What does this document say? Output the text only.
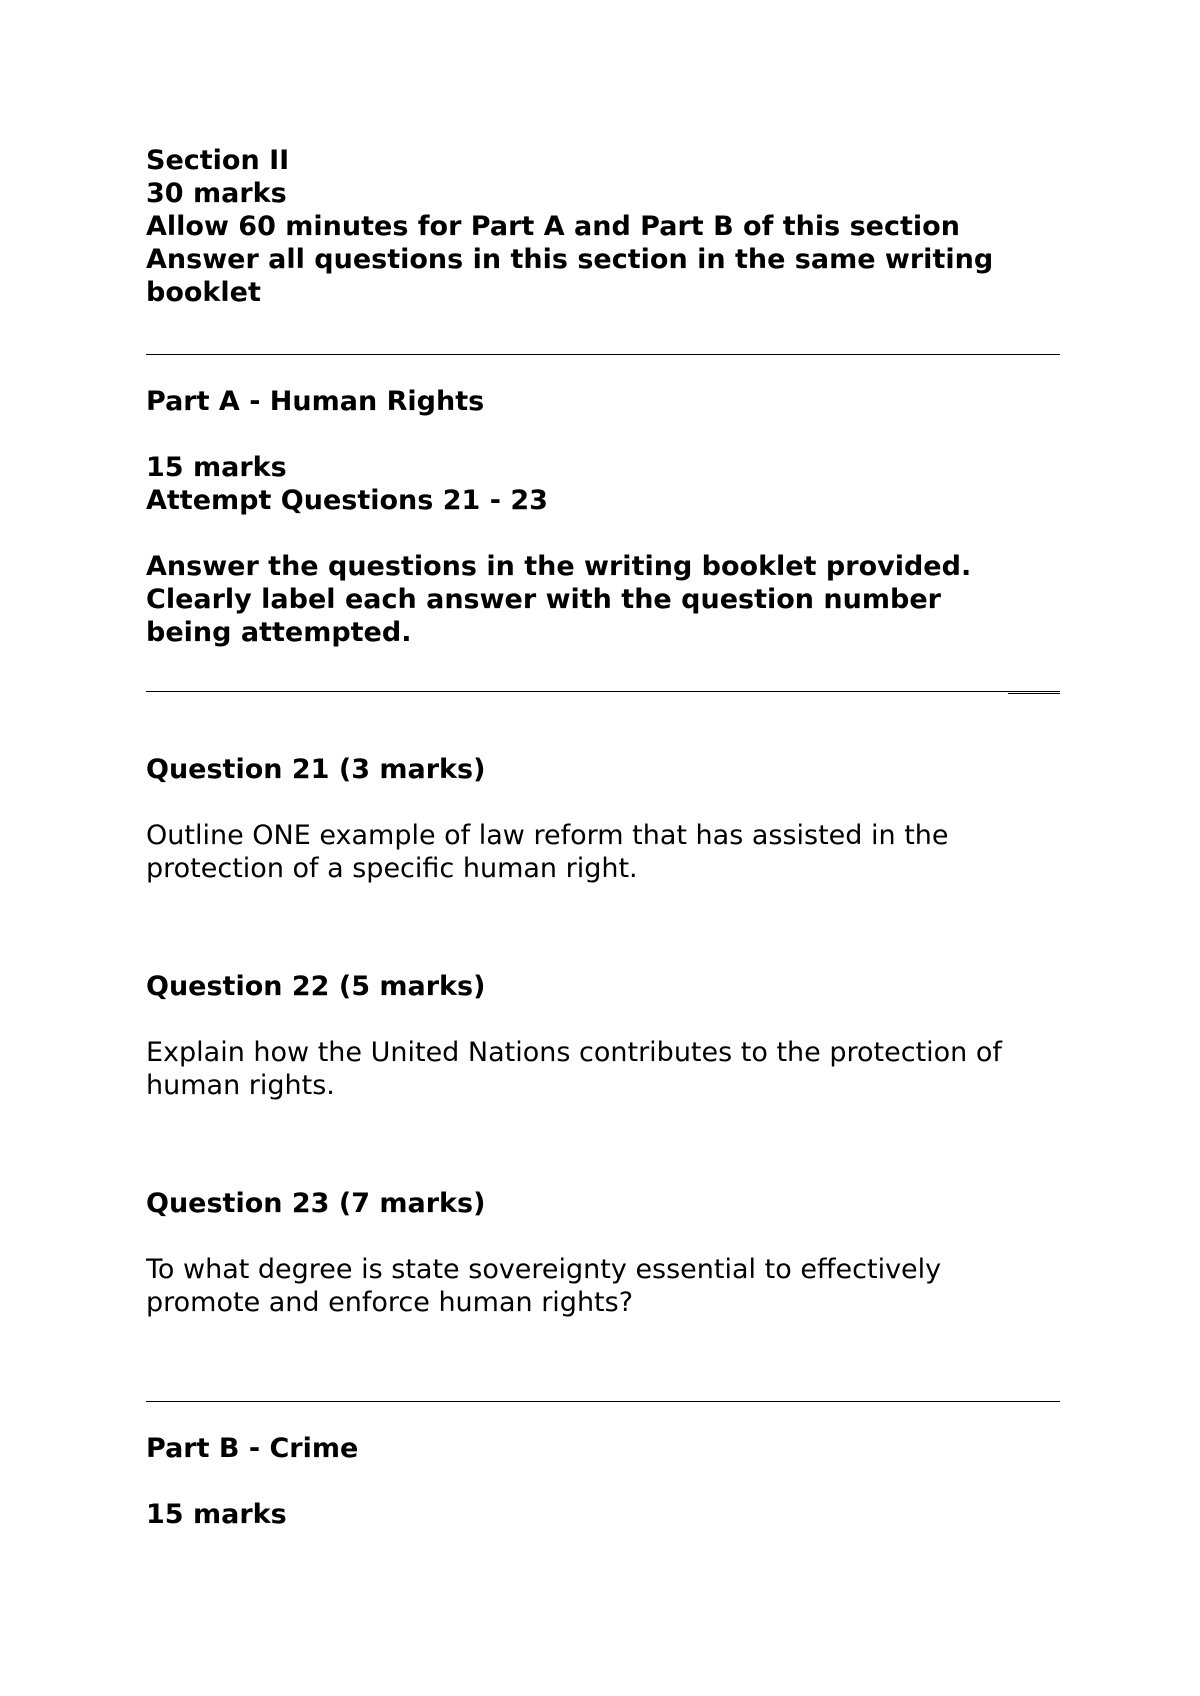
Section II

30 marks

Allow 60 minutes for Part A and Part B of this section

Answer all questions in this section in the same writing

booklet

Part A - Human Rights

15 marks

Attempt Questions 21 - 23

Answer the questions in the writing booklet provided.

Clearly label each answer with the question number

being attempted.

Question 21 (3 marks)

Outline ONE example of law reform that has assisted in the

protection of a specific human right.

Question 22 (5 marks)

Explain how the United Nations contributes to the protection of

human rights.

Question 23 (7 marks)

To what degree is state sovereignty essential to effectively

promote and enforce human rights?

Part B - Crime

15 marks
